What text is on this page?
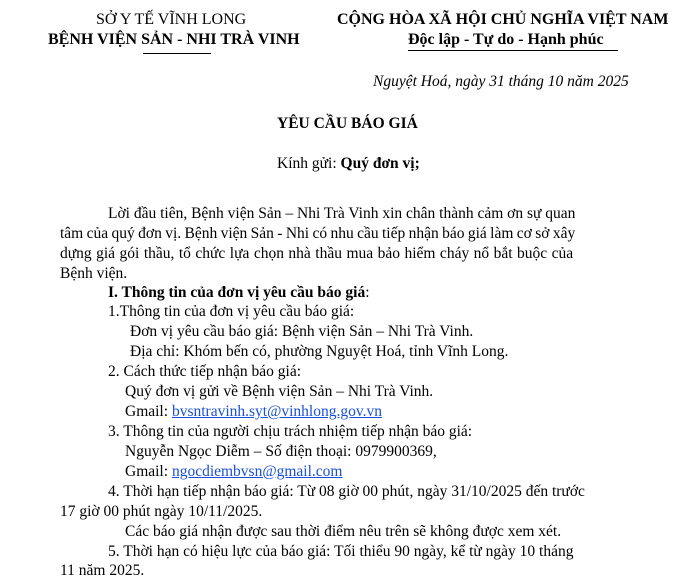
SỞ Y TẾ VĨNH LONG
BỆNH VIỆN SẢN - NHI TRÀ VINH
CỘNG HÒA XÃ HỘI CHỦ NGHĨA VIỆT NAM
Độc lập - Tự do - Hạnh phúc
Nguyệt Hoá, ngày 31 tháng 10 năm 2025
YÊU CẦU BÁO GIÁ
Kính gửi: Quý đơn vị;
Lời đầu tiên, Bệnh viện Sản – Nhi Trà Vinh xin chân thành cảm ơn sự quan
tâm của quý đơn vị. Bệnh viện Sản - Nhi có nhu cầu tiếp nhận báo giá làm cơ sở xây
dựng giá gói thầu, tổ chức lựa chọn nhà thầu mua bảo hiểm cháy nổ bắt buộc của
Bệnh viện.
I. Thông tin của đơn vị yêu cầu báo giá:
1.Thông tin của đơn vị yêu cầu báo giá:
Đơn vị yêu cầu báo giá: Bệnh viện Sản – Nhi Trà Vinh.
Địa chỉ: Khóm bến có, phường Nguyệt Hoá, tỉnh Vĩnh Long.
2. Cách thức tiếp nhận báo giá:
Quý đơn vị gửi về Bệnh viện Sản – Nhi Trà Vinh.
Gmail: bvsntravinh.syt@vinhlong.gov.vn
3. Thông tin của người chịu trách nhiệm tiếp nhận báo giá:
Nguyễn Ngọc Diễm – Số điện thoại: 0979900369,
Gmail: ngocdiembvsn@gmail.com
4. Thời hạn tiếp nhận báo giá: Từ 08 giờ 00 phút, ngày 31/10/2025 đến trước
17 giờ 00 phút ngày 10/11/2025.
Các báo giá nhận được sau thời điểm nêu trên sẽ không được xem xét.
5. Thời hạn có hiệu lực của báo giá: Tối thiểu 90 ngày, kể từ ngày 10 tháng
11 năm 2025.
